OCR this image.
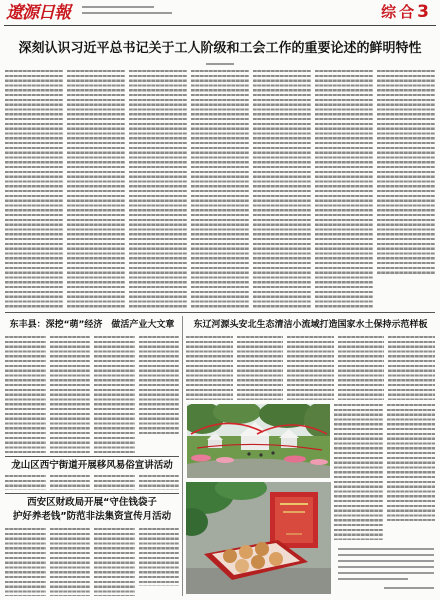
遼源日報	综合3
深刻认识习近平总书记关于工人阶级和工会工作的重要论述的鲜明特性
东丰县：深挖“萌”经济　做活产业大文章
龙山区西宁街道开展移风易俗宣讲活动
西安区财政局开展“守住钱袋子
护好养老钱”防范非法集资宣传月活动
东辽河源头安北生态清洁小流域打造国家水土保持示范样板
